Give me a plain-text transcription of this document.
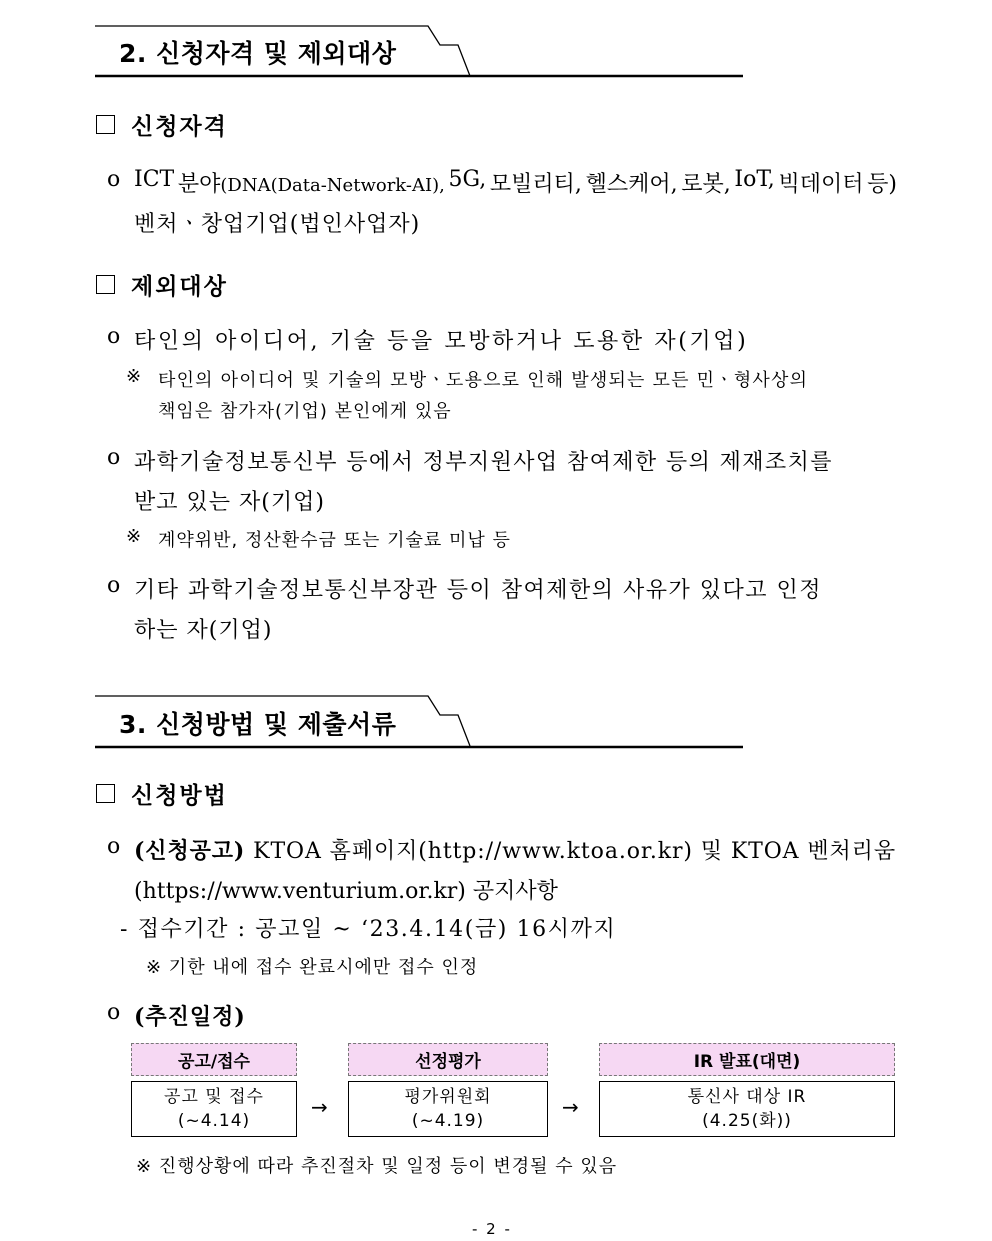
2. 신청자격 및 제외대상
신청자격
o ICT 분야(DNA(Data-Network-AI), 5G, 모빌리티, 헬스케어, 로봇, IoT, 빅데이터 등)
벤처ㆍ창업기업(법인사업자)
제외대상
o 타인의 아이디어, 기술 등을 모방하거나 도용한 자(기업)
※ 타인의 아이디어 및 기술의 모방ㆍ도용으로 인해 발생되는 모든 민ㆍ형사상의
책임은 참가자(기업) 본인에게 있음
o 과학기술정보통신부 등에서 정부지원사업 참여제한 등의 제재조치를
받고 있는 자(기업)
※ 계약위반, 정산환수금 또는 기술료 미납 등
o 기타 과학기술정보통신부장관 등이 참여제한의 사유가 있다고 인정
하는 자(기업)
3. 신청방법 및 제출서류
신청방법
o (신청공고) KTOA 홈페이지(http://www.ktoa.or.kr) 및 KTOA 벤처리움
(https://www.venturium.or.kr) 공지사항
- 접수기간 : 공고일 ~ ‘23.4.14(금) 16시까지
※ 기한 내에 접수 완료시에만 접수 인정
o (추진일정)
공고/접수
공고 및 접수
(~4.14)
→
선정평가
평가위원회
(~4.19)
→
IR 발표(대면)
통신사 대상 IR
(4.25(화))
※ 진행상황에 따라 추진절차 및 일정 등이 변경될 수 있음
- 2 -
